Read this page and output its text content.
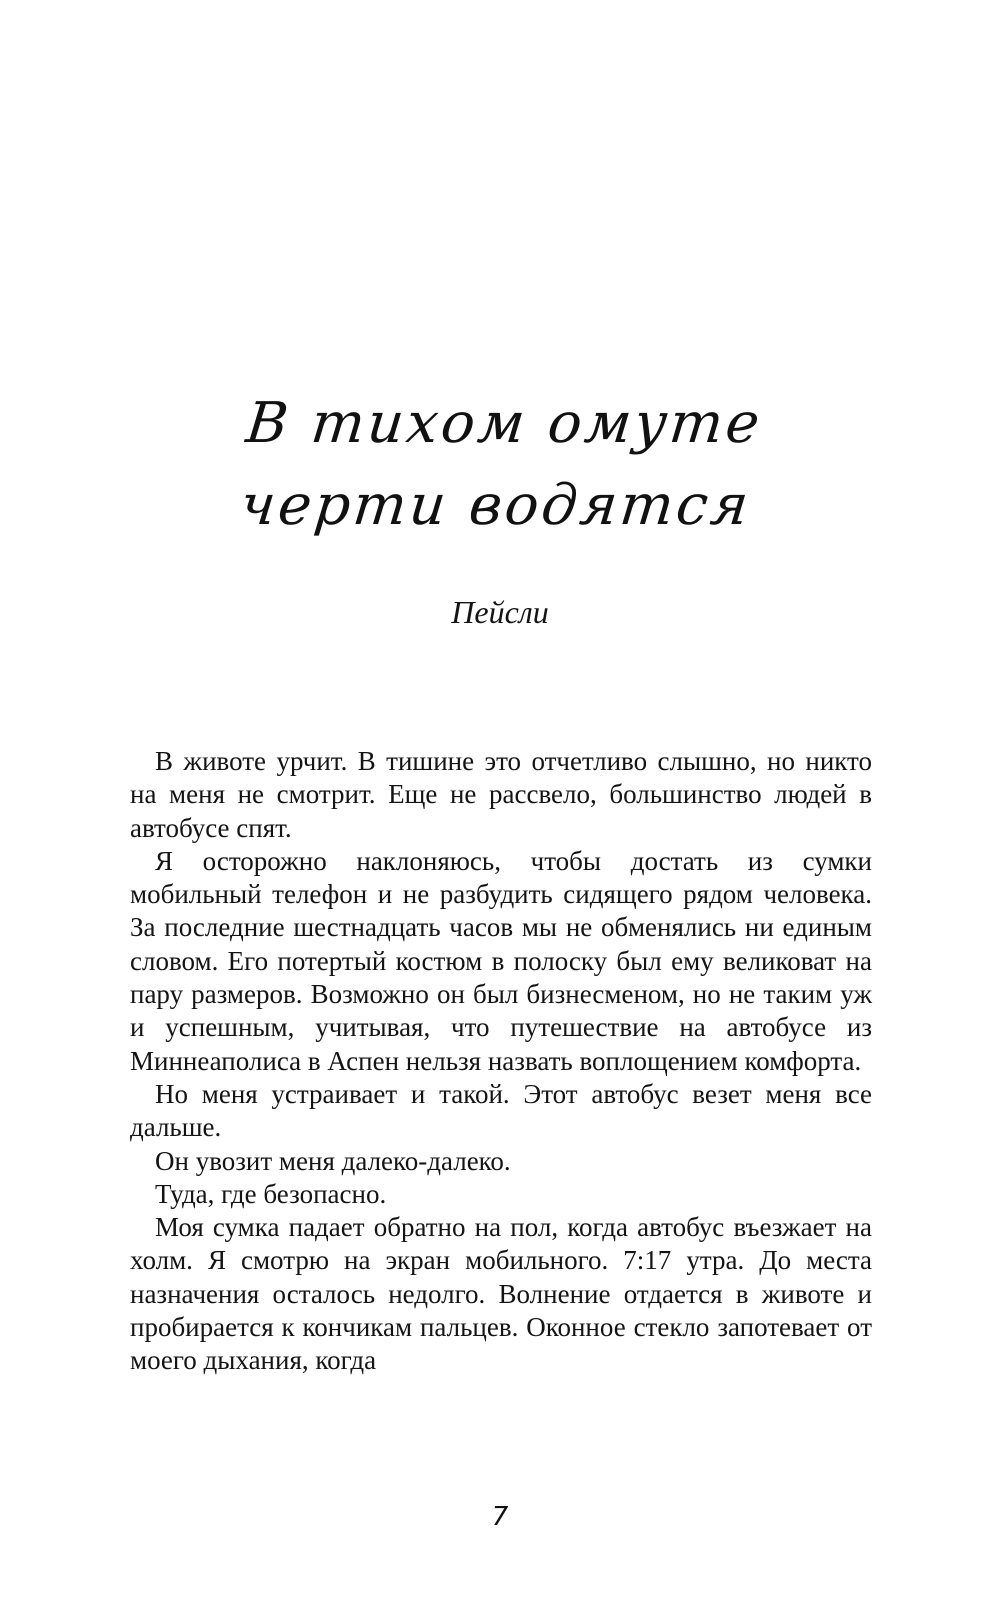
В тихом омуте
черти водятся
Пейсли

В животе урчит. В тишине это отчетливо слышно, но никто на меня не смотрит. Еще не рассвело, большинство людей в автобусе спят.

Я осторожно наклоняюсь, чтобы достать из сумки мобильный телефон и не разбудить сидящего рядом человека. За последние шестнадцать часов мы не обменялись ни единым словом. Его потертый костюм в полоску был ему великоват на пару размеров. Возможно он был бизнесменом, но не таким уж и успешным, учитывая, что путешествие на автобусе из Миннеаполиса в Аспен нельзя назвать воплощением комфорта.

Но меня устраивает и такой. Этот автобус везет меня все дальше.

Он увозит меня далеко-далеко.

Туда, где безопасно.

Моя сумка падает обратно на пол, когда автобус въезжает на холм. Я смотрю на экран мобильного. 7:17 утра. До места назначения осталось недолго. Волнение отдается в животе и пробирается к кончикам пальцев. Оконное стекло запотевает от моего дыхания, когда

7
